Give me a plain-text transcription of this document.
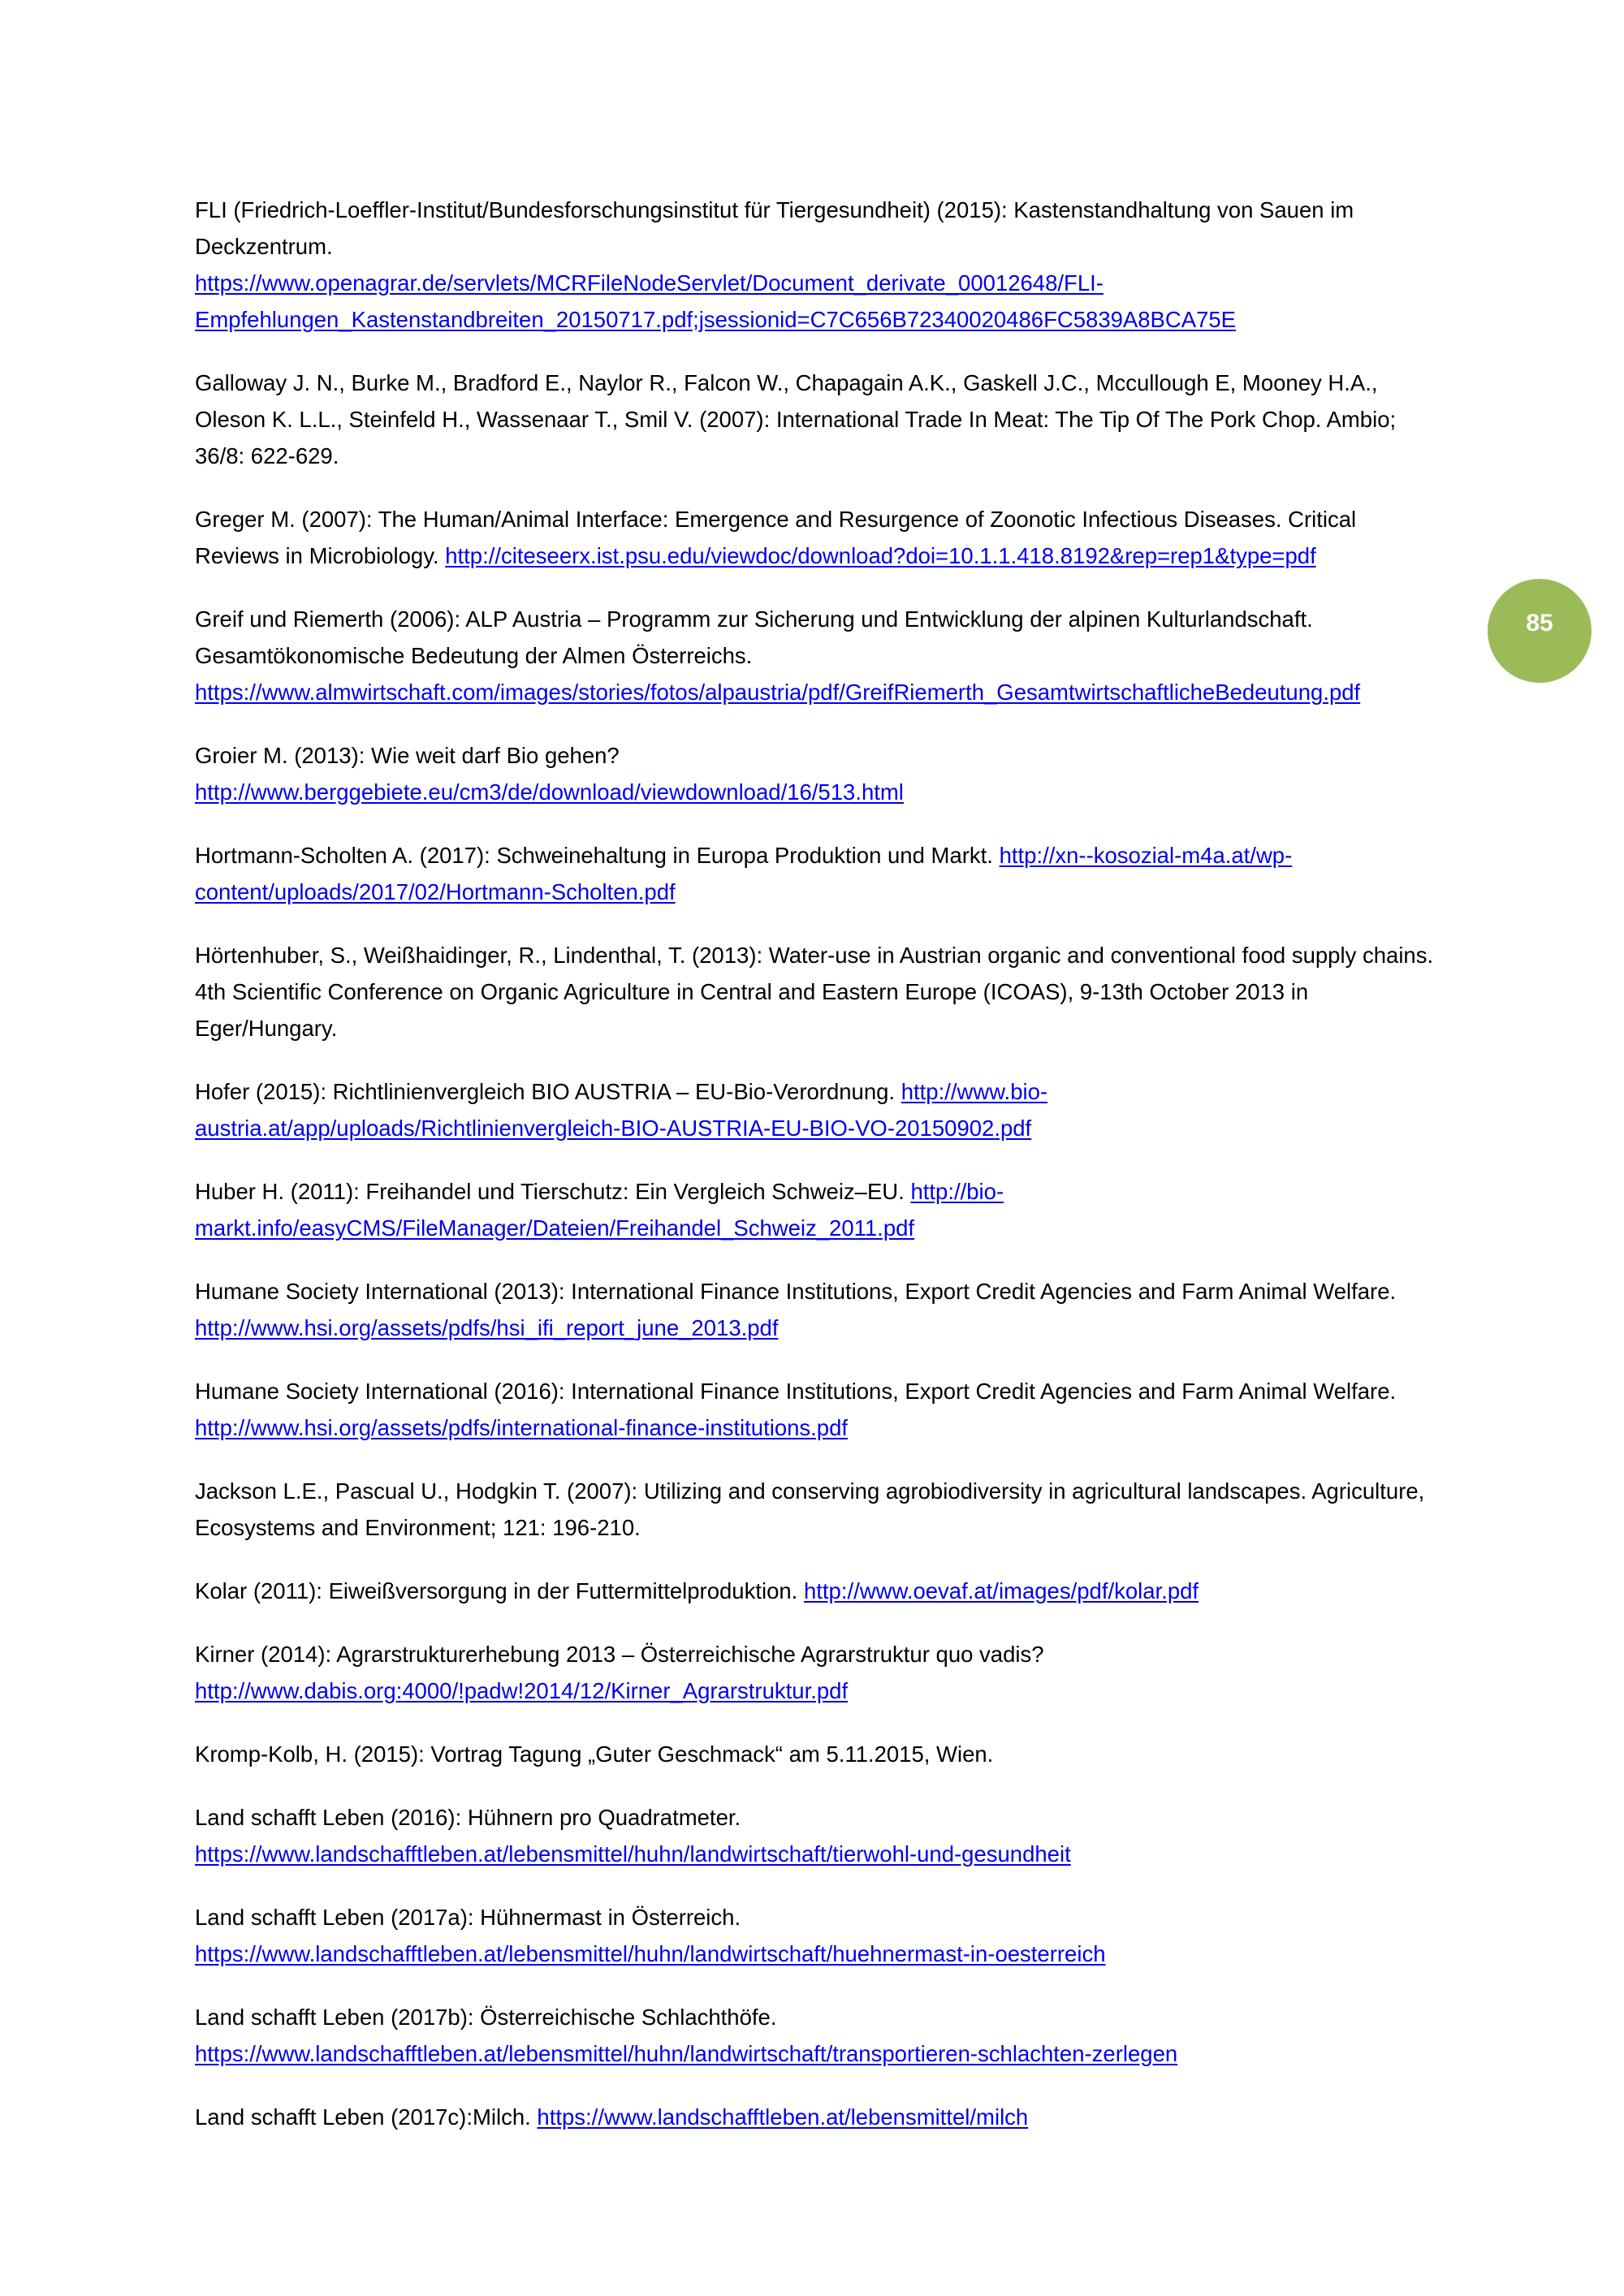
FLI (Friedrich-Loeffler-Institut/Bundesforschungsinstitut für Tiergesundheit) (2015): Kastenstandhaltung von Sauen im Deckzentrum.
https://www.openagrar.de/servlets/MCRFileNodeServlet/Document_derivate_00012648/FLI-Empfehlungen_Kastenstandbreiten_20150717.pdf;jsessionid=C7C656B72340020486FC5839A8BCA75E

Galloway J. N., Burke M., Bradford E., Naylor R., Falcon W., Chapagain A.K., Gaskell J.C., Mccullough E, Mooney H.A., Oleson K. L.L., Steinfeld H., Wassenaar T., Smil V. (2007): International Trade In Meat: The Tip Of The Pork Chop. Ambio; 36/8: 622-629.

Greger M. (2007): The Human/Animal Interface: Emergence and Resurgence of Zoonotic Infectious Diseases. Critical Reviews in Microbiology. http://citeseerx.ist.psu.edu/viewdoc/download?doi=10.1.1.418.8192&rep=rep1&type=pdf

Greif und Riemerth (2006): ALP Austria – Programm zur Sicherung und Entwicklung der alpinen Kulturlandschaft. Gesamtökonomische Bedeutung der Almen Österreichs.
https://www.almwirtschaft.com/images/stories/fotos/alpaustria/pdf/GreifRiemerth_GesamtwirtschaftlicheBedeutung.pdf

Groier M. (2013): Wie weit darf Bio gehen?
http://www.berggebiete.eu/cm3/de/download/viewdownload/16/513.html

Hortmann-Scholten A. (2017): Schweinehaltung in Europa Produktion und Markt. http://xn--kosozial-m4a.at/wp-content/uploads/2017/02/Hortmann-Scholten.pdf

Hörtenhuber, S., Weißhaidinger, R., Lindenthal, T. (2013): Water-use in Austrian organic and conventional food supply chains. 4th Scientific Conference on Organic Agriculture in Central and Eastern Europe (ICOAS), 9-13th October 2013 in Eger/Hungary.

Hofer (2015): Richtlinienvergleich BIO AUSTRIA – EU-Bio-Verordnung. http://www.bio-austria.at/app/uploads/Richtlinienvergleich-BIO-AUSTRIA-EU-BIO-VO-20150902.pdf

Huber H. (2011): Freihandel und Tierschutz: Ein Vergleich Schweiz–EU. http://bio-markt.info/easyCMS/FileManager/Dateien/Freihandel_Schweiz_2011.pdf

Humane Society International (2013): International Finance Institutions, Export Credit Agencies and Farm Animal Welfare. http://www.hsi.org/assets/pdfs/hsi_ifi_report_june_2013.pdf

Humane Society International (2016): International Finance Institutions, Export Credit Agencies and Farm Animal Welfare. http://www.hsi.org/assets/pdfs/international-finance-institutions.pdf

Jackson L.E., Pascual U., Hodgkin T. (2007): Utilizing and conserving agrobiodiversity in agricultural landscapes. Agriculture, Ecosystems and Environment; 121: 196-210.

Kolar (2011): Eiweißversorgung in der Futtermittelproduktion. http://www.oevaf.at/images/pdf/kolar.pdf

Kirner (2014): Agrarstrukturerhebung 2013 – Österreichische Agrarstruktur quo vadis?
http://www.dabis.org:4000/!padw!2014/12/Kirner_Agrarstruktur.pdf

Kromp-Kolb, H. (2015): Vortrag Tagung „Guter Geschmack“ am 5.11.2015, Wien.

Land schafft Leben (2016): Hühnern pro Quadratmeter.
https://www.landschafftleben.at/lebensmittel/huhn/landwirtschaft/tierwohl-und-gesundheit

Land schafft Leben (2017a): Hühnermast in Österreich.
https://www.landschafftleben.at/lebensmittel/huhn/landwirtschaft/huehnermast-in-oesterreich

Land schafft Leben (2017b): Österreichische Schlachthöfe.
https://www.landschafftleben.at/lebensmittel/huhn/landwirtschaft/transportieren-schlachten-zerlegen

Land schafft Leben (2017c):Milch. https://www.landschafftleben.at/lebensmittel/milch

85
